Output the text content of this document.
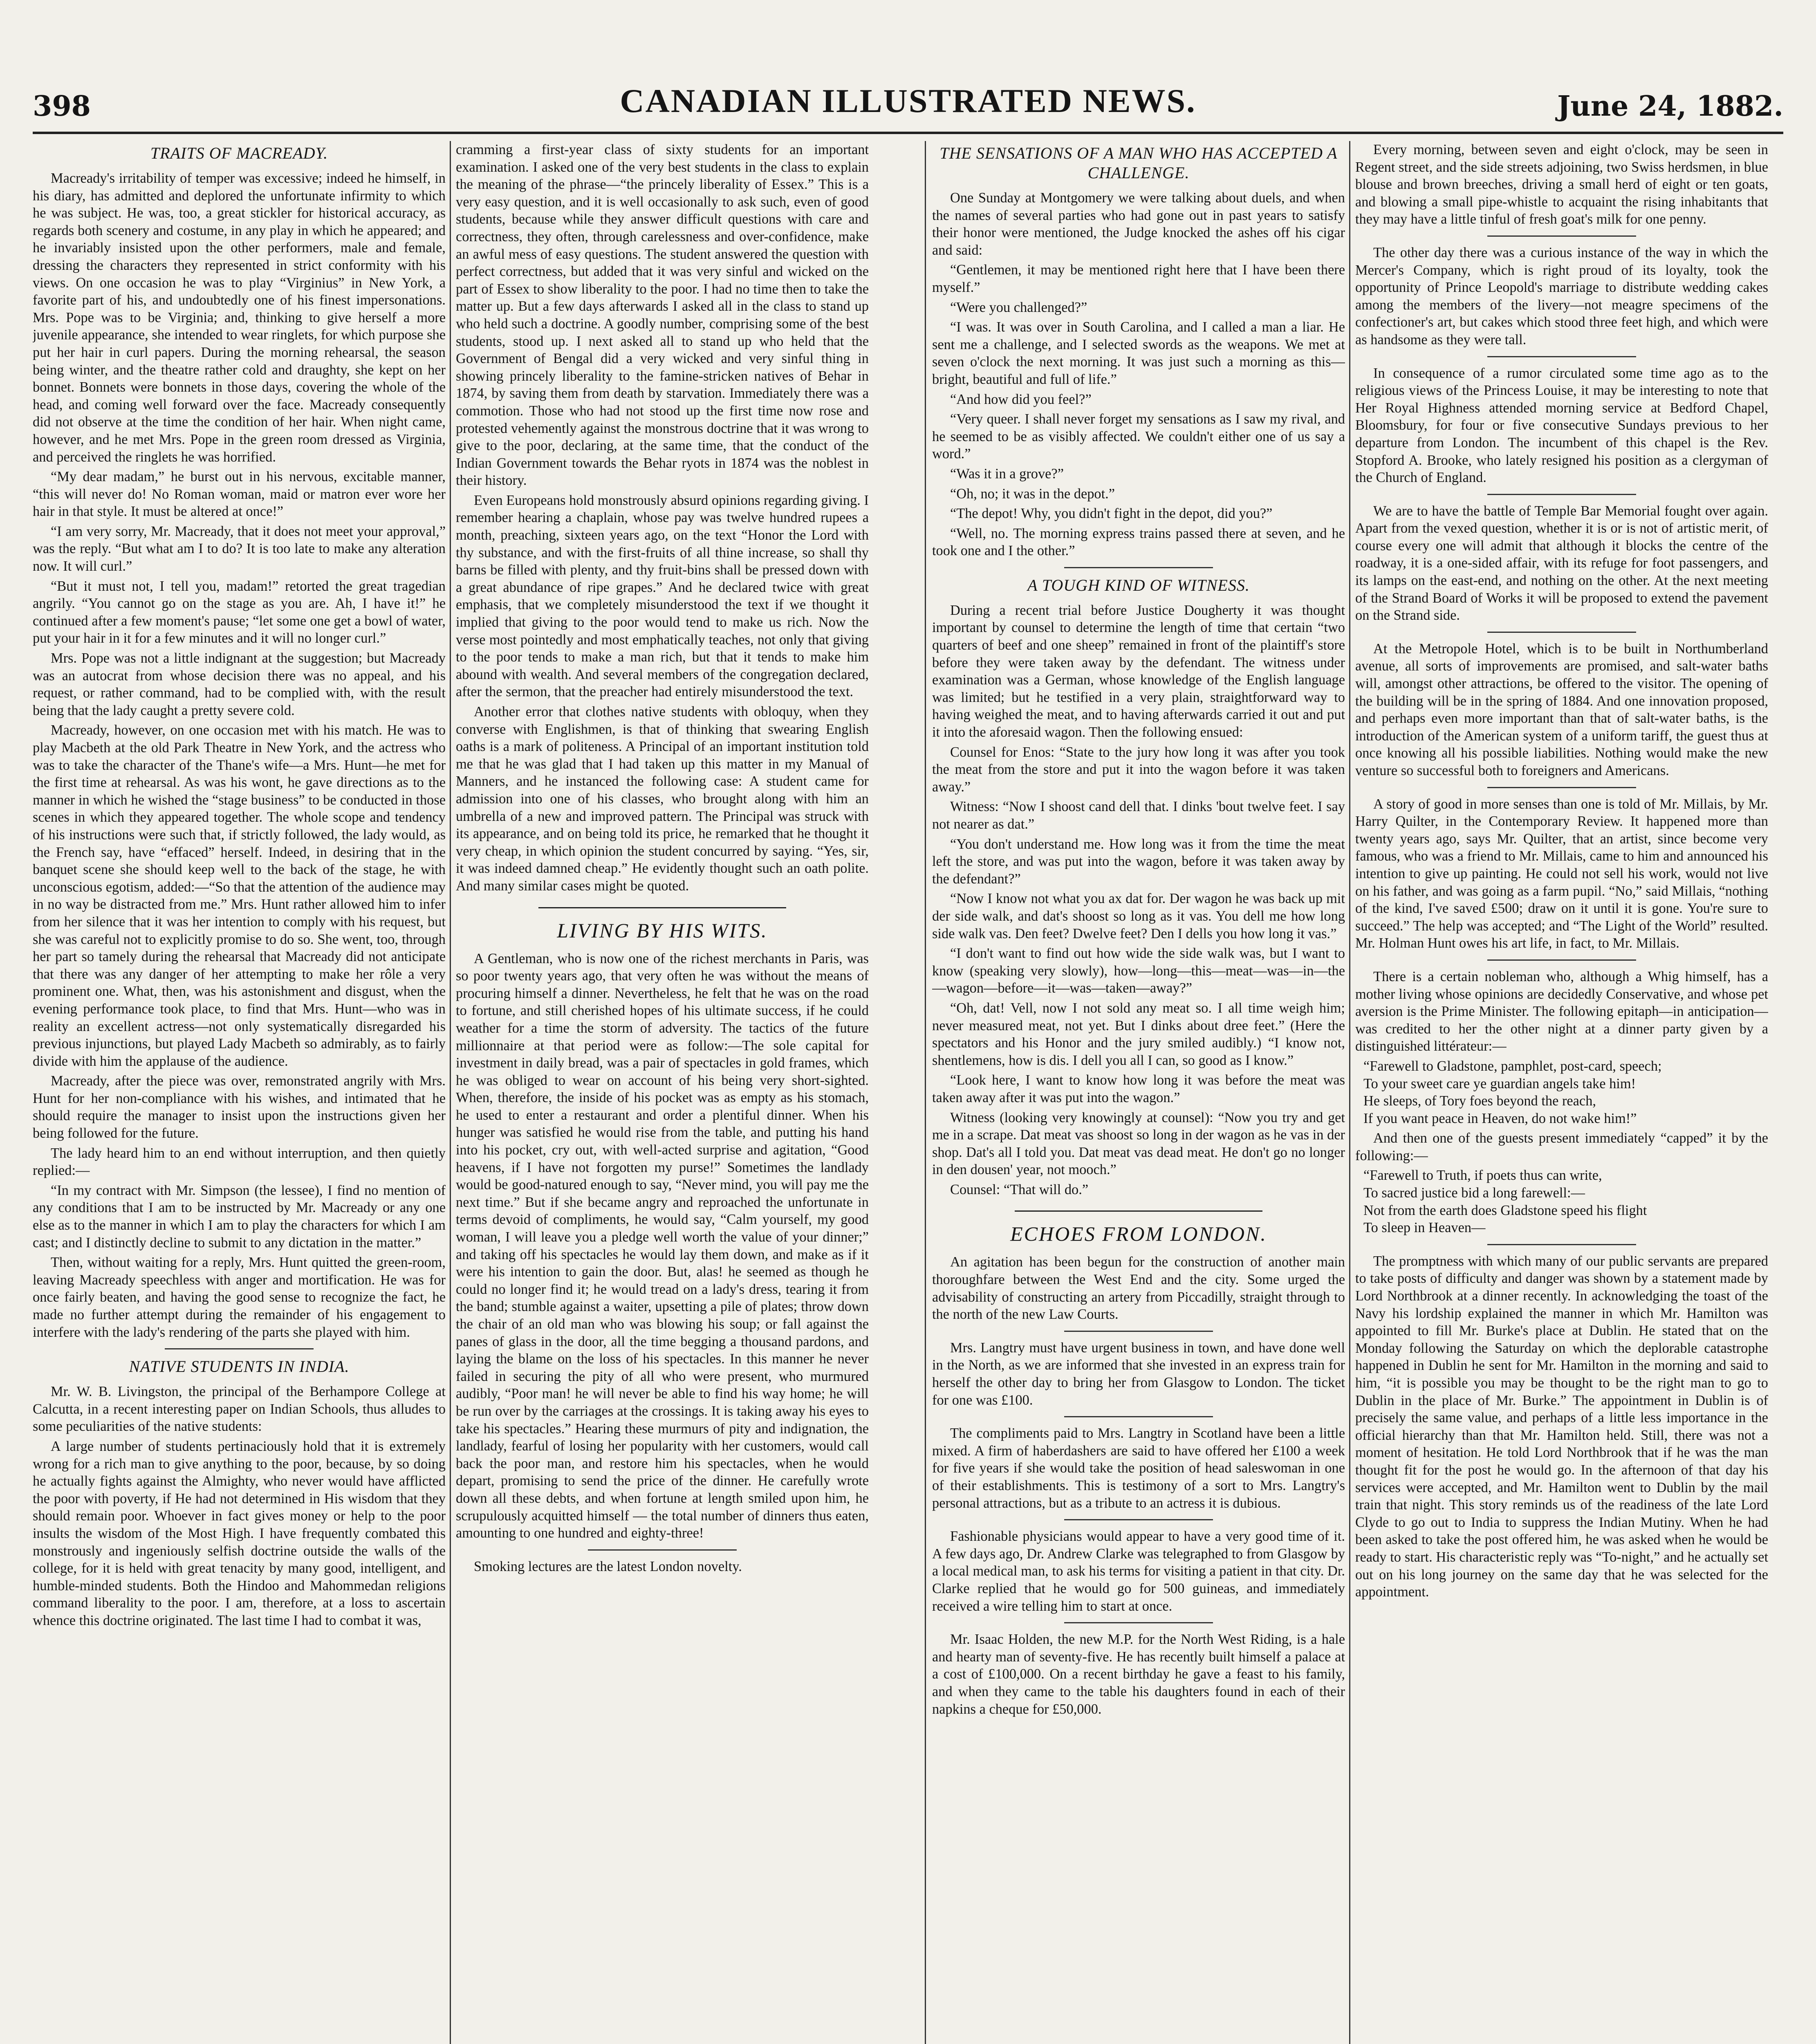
398	CANADIAN ILLUSTRATED NEWS.	June 24, 1882.
TRAITS OF MACREADY.

Macready's irritability of temper was excessive; indeed he himself, in his diary, has admitted and deplored the unfortunate infirmity to which he was subject. He was, too, a great stickler for historical accuracy, as regards both scenery and costume, in any play in which he appeared; and he invariably insisted upon the other performers, male and female, dressing the characters they represented in strict conformity with his views. On one occasion he was to play “Virginius” in New York, a favorite part of his, and undoubtedly one of his finest impersonations. Mrs. Pope was to be Virginia; and, thinking to give herself a more juvenile appearance, she intended to wear ringlets, for which purpose she put her hair in curl papers. During the morning rehearsal, the season being winter, and the theatre rather cold and draughty, she kept on her bonnet. Bonnets were bonnets in those days, covering the whole of the head, and coming well forward over the face. Macready consequently did not observe at the time the condition of her hair. When night came, however, and he met Mrs. Pope in the green room dressed as Virginia, and perceived the ringlets he was horrified.

“My dear madam,” he burst out in his nervous, excitable manner, “this will never do! No Roman woman, maid or matron ever wore her hair in that style. It must be altered at once!”

“I am very sorry, Mr. Macready, that it does not meet your approval,” was the reply. “But what am I to do? It is too late to make any alteration now. It will curl.”

“But it must not, I tell you, madam!” retorted the great tragedian angrily. “You cannot go on the stage as you are. Ah, I have it!” he continued after a few moment's pause; “let some one get a bowl of water, put your hair in it for a few minutes and it will no longer curl.”

Mrs. Pope was not a little indignant at the suggestion; but Macready was an autocrat from whose decision there was no appeal, and his request, or rather command, had to be complied with, with the result being that the lady caught a pretty severe cold.

Macready, however, on one occasion met with his match. He was to play Macbeth at the old Park Theatre in New York, and the actress who was to take the character of the Thane's wife—a Mrs. Hunt—he met for the first time at rehearsal. As was his wont, he gave directions as to the manner in which he wished the “stage business” to be conducted in those scenes in which they appeared together. The whole scope and tendency of his instructions were such that, if strictly followed, the lady would, as the French say, have “effaced” herself. Indeed, in desiring that in the banquet scene she should keep well to the back of the stage, he with unconscious egotism, added:—“So that the attention of the audience may in no way be distracted from me.” Mrs. Hunt rather allowed him to infer from her silence that it was her intention to comply with his request, but she was careful not to explicitly promise to do so. She went, too, through her part so tamely during the rehearsal that Macready did not anticipate that there was any danger of her attempting to make her rôle a very prominent one. What, then, was his astonishment and disgust, when the evening performance took place, to find that Mrs. Hunt—who was in reality an excellent actress—not only systematically disregarded his previous injunctions, but played Lady Macbeth so admirably, as to fairly divide with him the applause of the audience.

Macready, after the piece was over, remonstrated angrily with Mrs. Hunt for her non-compliance with his wishes, and intimated that he should require the manager to insist upon the instructions given her being followed for the future.

The lady heard him to an end without interruption, and then quietly replied:—

“In my contract with Mr. Simpson (the lessee), I find no mention of any conditions that I am to be instructed by Mr. Macready or any one else as to the manner in which I am to play the characters for which I am cast; and I distinctly decline to submit to any dictation in the matter.”

Then, without waiting for a reply, Mrs. Hunt quitted the green-room, leaving Macready speechless with anger and mortification. He was for once fairly beaten, and having the good sense to recognize the fact, he made no further attempt during the remainder of his engagement to interfere with the lady's rendering of the parts she played with him.

NATIVE STUDENTS IN INDIA.

Mr. W. B. Livingston, the principal of the Berhampore College at Calcutta, in a recent interesting paper on Indian Schools, thus alludes to some peculiarities of the native students:

A large number of students pertinaciously hold that it is extremely wrong for a rich man to give anything to the poor, because, by so doing he actually fights against the Almighty, who never would have afflicted the poor with poverty, if He had not determined in His wisdom that they should remain poor. Whoever in fact gives money or help to the poor insults the wisdom of the Most High. I have frequently combated this monstrously and ingeniously selfish doctrine outside the walls of the college, for it is held with great tenacity by many good, intelligent, and humble-minded students. Both the Hindoo and Mahommedan religions command liberality to the poor. I am, therefore, at a loss to ascertain whence this doctrine originated. The last time I had to combat it was,

cramming a first-year class of sixty students for an important examination. I asked one of the very best students in the class to explain the meaning of the phrase—“the princely liberality of Essex.” This is a very easy question, and it is well occasionally to ask such, even of good students, because while they answer difficult questions with care and correctness, they often, through carelessness and over-confidence, make an awful mess of easy questions. The student answered the question with perfect correctness, but added that it was very sinful and wicked on the part of Essex to show liberality to the poor. I had no time then to take the matter up. But a few days afterwards I asked all in the class to stand up who held such a doctrine. A goodly number, comprising some of the best students, stood up. I next asked all to stand up who held that the Government of Bengal did a very wicked and very sinful thing in showing princely liberality to the famine-stricken natives of Behar in 1874, by saving them from death by starvation. Immediately there was a commotion. Those who had not stood up the first time now rose and protested vehemently against the monstrous doctrine that it was wrong to give to the poor, declaring, at the same time, that the conduct of the Indian Government towards the Behar ryots in 1874 was the noblest in their history.

Even Europeans hold monstrously absurd opinions regarding giving. I remember hearing a chaplain, whose pay was twelve hundred rupees a month, preaching, sixteen years ago, on the text “Honor the Lord with thy substance, and with the first-fruits of all thine increase, so shall thy barns be filled with plenty, and thy fruit-bins shall be pressed down with a great abundance of ripe grapes.” And he declared twice with great emphasis, that we completely misunderstood the text if we thought it implied that giving to the poor would tend to make us rich. Now the verse most pointedly and most emphatically teaches, not only that giving to the poor tends to make a man rich, but that it tends to make him abound with wealth. And several members of the congregation declared, after the sermon, that the preacher had entirely misunderstood the text.

Another error that clothes native students with obloquy, when they converse with Englishmen, is that of thinking that swearing English oaths is a mark of politeness. A Principal of an important institution told me that he was glad that I had taken up this matter in my Manual of Manners, and he instanced the following case: A student came for admission into one of his classes, who brought along with him an umbrella of a new and improved pattern. The Principal was struck with its appearance, and on being told its price, he remarked that he thought it very cheap, in which opinion the student concurred by saying. “Yes, sir, it was indeed damned cheap.” He evidently thought such an oath polite. And many similar cases might be quoted.

LIVING BY HIS WITS.

A Gentleman, who is now one of the richest merchants in Paris, was so poor twenty years ago, that very often he was without the means of procuring himself a dinner. Nevertheless, he felt that he was on the road to fortune, and still cherished hopes of his ultimate success, if he could weather for a time the storm of adversity. The tactics of the future millionnaire at that period were as follow:—The sole capital for investment in daily bread, was a pair of spectacles in gold frames, which he was obliged to wear on account of his being very short-sighted. When, therefore, the inside of his pocket was as empty as his stomach, he used to enter a restaurant and order a plentiful dinner. When his hunger was satisfied he would rise from the table, and putting his hand into his pocket, cry out, with well-acted surprise and agitation, “Good heavens, if I have not forgotten my purse!” Sometimes the landlady would be good-natured enough to say, “Never mind, you will pay me the next time.” But if she became angry and reproached the unfortunate in terms devoid of compliments, he would say, “Calm yourself, my good woman, I will leave you a pledge well worth the value of your dinner;” and taking off his spectacles he would lay them down, and make as if it were his intention to gain the door. But, alas! he seemed as though he could no longer find it; he would tread on a lady's dress, tearing it from the band; stumble against a waiter, upsetting a pile of plates; throw down the chair of an old man who was blowing his soup; or fall against the panes of glass in the door, all the time begging a thousand pardons, and laying the blame on the loss of his spectacles. In this manner he never failed in securing the pity of all who were present, who murmured audibly, “Poor man! he will never be able to find his way home; he will be run over by the carriages at the crossings. It is taking away his eyes to take his spectacles.” Hearing these murmurs of pity and indignation, the landlady, fearful of losing her popularity with her customers, would call back the poor man, and restore him his spectacles, when he would depart, promising to send the price of the dinner. He carefully wrote down all these debts, and when fortune at length smiled upon him, he scrupulously acquitted himself — the total number of dinners thus eaten, amounting to one hundred and eighty-three!

Smoking lectures are the latest London novelty.

THE SENSATIONS OF A MAN WHO HAS ACCEPTED A CHALLENGE.

One Sunday at Montgomery we were talking about duels, and when the names of several parties who had gone out in past years to satisfy their honor were mentioned, the Judge knocked the ashes off his cigar and said:

“Gentlemen, it may be mentioned right here that I have been there myself.”

“Were you challenged?”

“I was. It was over in South Carolina, and I called a man a liar. He sent me a challenge, and I selected swords as the weapons. We met at seven o'clock the next morning. It was just such a morning as this—bright, beautiful and full of life.”

“And how did you feel?”

“Very queer. I shall never forget my sensations as I saw my rival, and he seemed to be as visibly affected. We couldn't either one of us say a word.”

“Was it in a grove?”

“Oh, no; it was in the depot.”

“The depot! Why, you didn't fight in the depot, did you?”

“Well, no. The morning express trains passed there at seven, and he took one and I the other.”

A TOUGH KIND OF WITNESS.

During a recent trial before Justice Dougherty it was thought important by counsel to determine the length of time that certain “two quarters of beef and one sheep” remained in front of the plaintiff's store before they were taken away by the defendant. The witness under examination was a German, whose knowledge of the English language was limited; but he testified in a very plain, straightforward way to having weighed the meat, and to having afterwards carried it out and put it into the aforesaid wagon. Then the following ensued:

Counsel for Enos: “State to the jury how long it was after you took the meat from the store and put it into the wagon before it was taken away.”

Witness: “Now I shoost cand dell that. I dinks 'bout twelve feet. I say not nearer as dat.”

“You don't understand me. How long was it from the time the meat left the store, and was put into the wagon, before it was taken away by the defendant?”

“Now I know not what you ax dat for. Der wagon he was back up mit der side walk, and dat's shoost so long as it vas. You dell me how long side walk vas. Den feet? Dwelve feet? Den I dells you how long it vas.”

“I don't want to find out how wide the side walk was, but I want to know (speaking very slowly), how—long—this—meat—was—in—the—wagon—before—it—was—taken—away?”

“Oh, dat! Vell, now I not sold any meat so. I all time weigh him; never measured meat, not yet. But I dinks about dree feet.” (Here the spectators and his Honor and the jury smiled audibly.) “I know not, shentlemens, how is dis. I dell you all I can, so good as I know.”

“Look here, I want to know how long it was before the meat was taken away after it was put into the wagon.”

Witness (looking very knowingly at counsel): “Now you try and get me in a scrape. Dat meat vas shoost so long in der wagon as he vas in der shop. Dat's all I told you. Dat meat vas dead meat. He don't go no longer in den dousen' year, not mooch.”

Counsel: “That will do.”

ECHOES FROM LONDON.

An agitation has been begun for the construction of another main thoroughfare between the West End and the city. Some urged the advisability of constructing an artery from Piccadilly, straight through to the north of the new Law Courts.

Mrs. Langtry must have urgent business in town, and have done well in the North, as we are informed that she invested in an express train for herself the other day to bring her from Glasgow to London. The ticket for one was £100.

The compliments paid to Mrs. Langtry in Scotland have been a little mixed. A firm of haberdashers are said to have offered her £100 a week for five years if she would take the position of head saleswoman in one of their establishments. This is testimony of a sort to Mrs. Langtry's personal attractions, but as a tribute to an actress it is dubious.

Fashionable physicians would appear to have a very good time of it. A few days ago, Dr. Andrew Clarke was telegraphed to from Glasgow by a local medical man, to ask his terms for visiting a patient in that city. Dr. Clarke replied that he would go for 500 guineas, and immediately received a wire telling him to start at once.

Mr. Isaac Holden, the new M.P. for the North West Riding, is a hale and hearty man of seventy-five. He has recently built himself a palace at a cost of £100,000. On a recent birthday he gave a feast to his family, and when they came to the table his daughters found in each of their napkins a cheque for £50,000.

Every morning, between seven and eight o'clock, may be seen in Regent street, and the side streets adjoining, two Swiss herdsmen, in blue blouse and brown breeches, driving a small herd of eight or ten goats, and blowing a small pipe-whistle to acquaint the rising inhabitants that they may have a little tinful of fresh goat's milk for one penny.

The other day there was a curious instance of the way in which the Mercer's Company, which is right proud of its loyalty, took the opportunity of Prince Leopold's marriage to distribute wedding cakes among the members of the livery—not meagre specimens of the confectioner's art, but cakes which stood three feet high, and which were as handsome as they were tall.

In consequence of a rumor circulated some time ago as to the religious views of the Princess Louise, it may be interesting to note that Her Royal Highness attended morning service at Bedford Chapel, Bloomsbury, for four or five consecutive Sundays previous to her departure from London. The incumbent of this chapel is the Rev. Stopford A. Brooke, who lately resigned his position as a clergyman of the Church of England.

We are to have the battle of Temple Bar Memorial fought over again. Apart from the vexed question, whether it is or is not of artistic merit, of course every one will admit that although it blocks the centre of the roadway, it is a one-sided affair, with its refuge for foot passengers, and its lamps on the east-end, and nothing on the other. At the next meeting of the Strand Board of Works it will be proposed to extend the pavement on the Strand side.

At the Metropole Hotel, which is to be built in Northumberland avenue, all sorts of improvements are promised, and salt-water baths will, amongst other attractions, be offered to the visitor. The opening of the building will be in the spring of 1884. And one innovation proposed, and perhaps even more important than that of salt-water baths, is the introduction of the American system of a uniform tariff, the guest thus at once knowing all his possible liabilities. Nothing would make the new venture so successful both to foreigners and Americans.

A story of good in more senses than one is told of Mr. Millais, by Mr. Harry Quilter, in the Contemporary Review. It happened more than twenty years ago, says Mr. Quilter, that an artist, since become very famous, who was a friend to Mr. Millais, came to him and announced his intention to give up painting. He could not sell his work, would not live on his father, and was going as a farm pupil. “No,” said Millais, “nothing of the kind, I've saved £500; draw on it until it is gone. You're sure to succeed.” The help was accepted; and “The Light of the World” resulted. Mr. Holman Hunt owes his art life, in fact, to Mr. Millais.

There is a certain nobleman who, although a Whig himself, has a mother living whose opinions are decidedly Conservative, and whose pet aversion is the Prime Minister. The following epitaph—in anticipation—was credited to her the other night at a dinner party given by a distinguished littérateur:—

“Farewell to Gladstone, pamphlet, post-card, speech;
To your sweet care ye guardian angels take him!
He sleeps, of Tory foes beyond the reach,
If you want peace in Heaven, do not wake him!”

And then one of the guests present immediately “capped” it by the following:—

“Farewell to Truth, if poets thus can write,
To sacred justice bid a long farewell:—
Not from the earth does Gladstone speed his flight
To sleep in Heaven—

The promptness with which many of our public servants are prepared to take posts of difficulty and danger was shown by a statement made by Lord Northbrook at a dinner recently. In acknowledging the toast of the Navy his lordship explained the manner in which Mr. Hamilton was appointed to fill Mr. Burke's place at Dublin. He stated that on the Monday following the Saturday on which the deplorable catastrophe happened in Dublin he sent for Mr. Hamilton in the morning and said to him, “it is possible you may be thought to be the right man to go to Dublin in the place of Mr. Burke.” The appointment in Dublin is of precisely the same value, and perhaps of a little less importance in the official hierarchy than that Mr. Hamilton held. Still, there was not a moment of hesitation. He told Lord Northbrook that if he was the man thought fit for the post he would go. In the afternoon of that day his services were accepted, and Mr. Hamilton went to Dublin by the mail train that night. This story reminds us of the readiness of the late Lord Clyde to go out to India to suppress the Indian Mutiny. When he had been asked to take the post offered him, he was asked when he would be ready to start. His characteristic reply was “To-night,” and he actually set out on his long journey on the same day that he was selected for the appointment.
